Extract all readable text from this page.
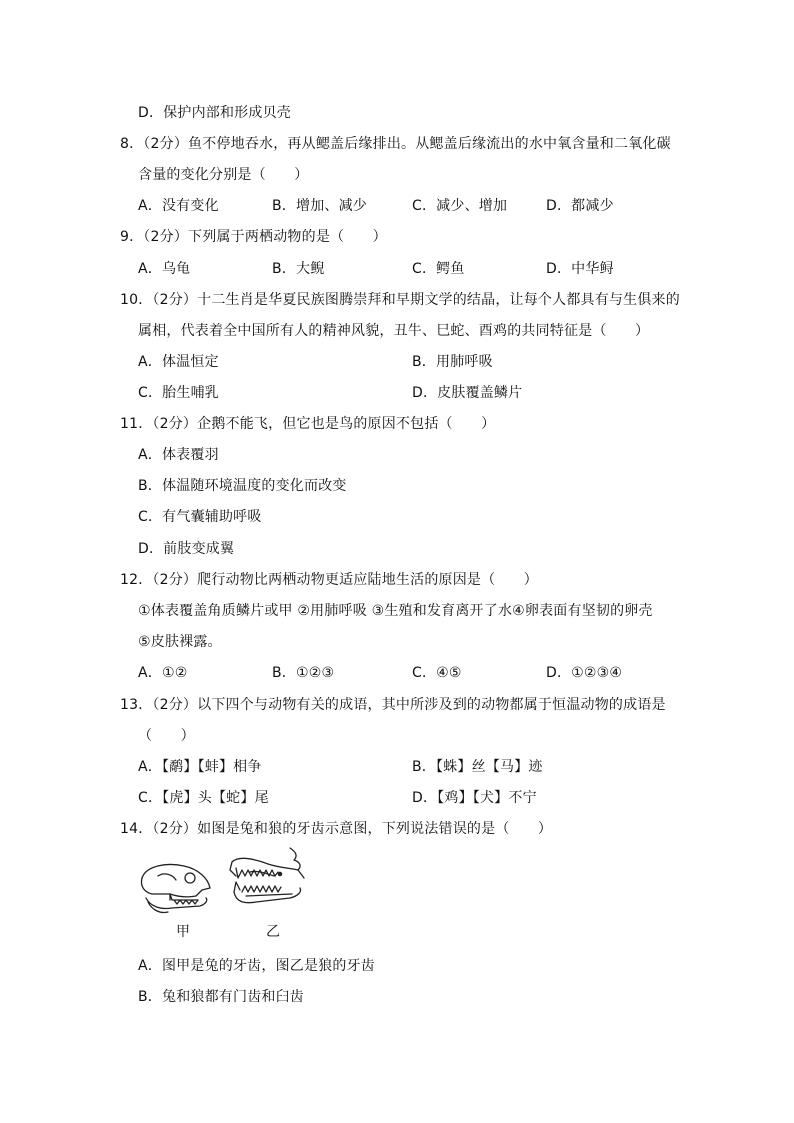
D．保护内部和形成贝壳
8．（2分）鱼不停地吞水，再从鳃盖后缘排出。从鳃盖后缘流出的水中氧含量和二氧化碳
含量的变化分别是（　　）
A．没有变化	B．增加、减少	C．减少、增加	D．都减少
9．（2分）下列属于两栖动物的是（　　）
A．乌龟	B．大鲵	C．鳄鱼	D．中华鲟
10．（2分）十二生肖是华夏民族图腾崇拜和早期文学的结晶，让每个人都具有与生俱来的
属相，代表着全中国所有人的精神风貌，丑牛、巳蛇、酉鸡的共同特征是（　　）
A．体温恒定	B．用肺呼吸
C．胎生哺乳	D．皮肤覆盖鳞片
11．（2分）企鹅不能飞，但它也是鸟的原因不包括（　　）
A．体表覆羽
B．体温随环境温度的变化而改变
C．有气囊辅助呼吸
D．前肢变成翼
12．（2分）爬行动物比两栖动物更适应陆地生活的原因是（　　）
①体表覆盖角质鳞片或甲 ②用肺呼吸 ③生殖和发育离开了水④卵表面有坚韧的卵壳
⑤皮肤裸露。
A．①②	B．①②③	C．④⑤	D．①②③④
13．（2分）以下四个与动物有关的成语，其中所涉及到的动物都属于恒温动物的成语是
（　　）
A．【鹬】【蚌】相争	B．【蛛】丝【马】迹
C．【虎】头【蛇】尾	D．【鸡】【犬】不宁
14．（2分）如图是兔和狼的牙齿示意图，下列说法错误的是（　　）
甲	乙
A．图甲是兔的牙齿，图乙是狼的牙齿
B．兔和狼都有门齿和臼齿
